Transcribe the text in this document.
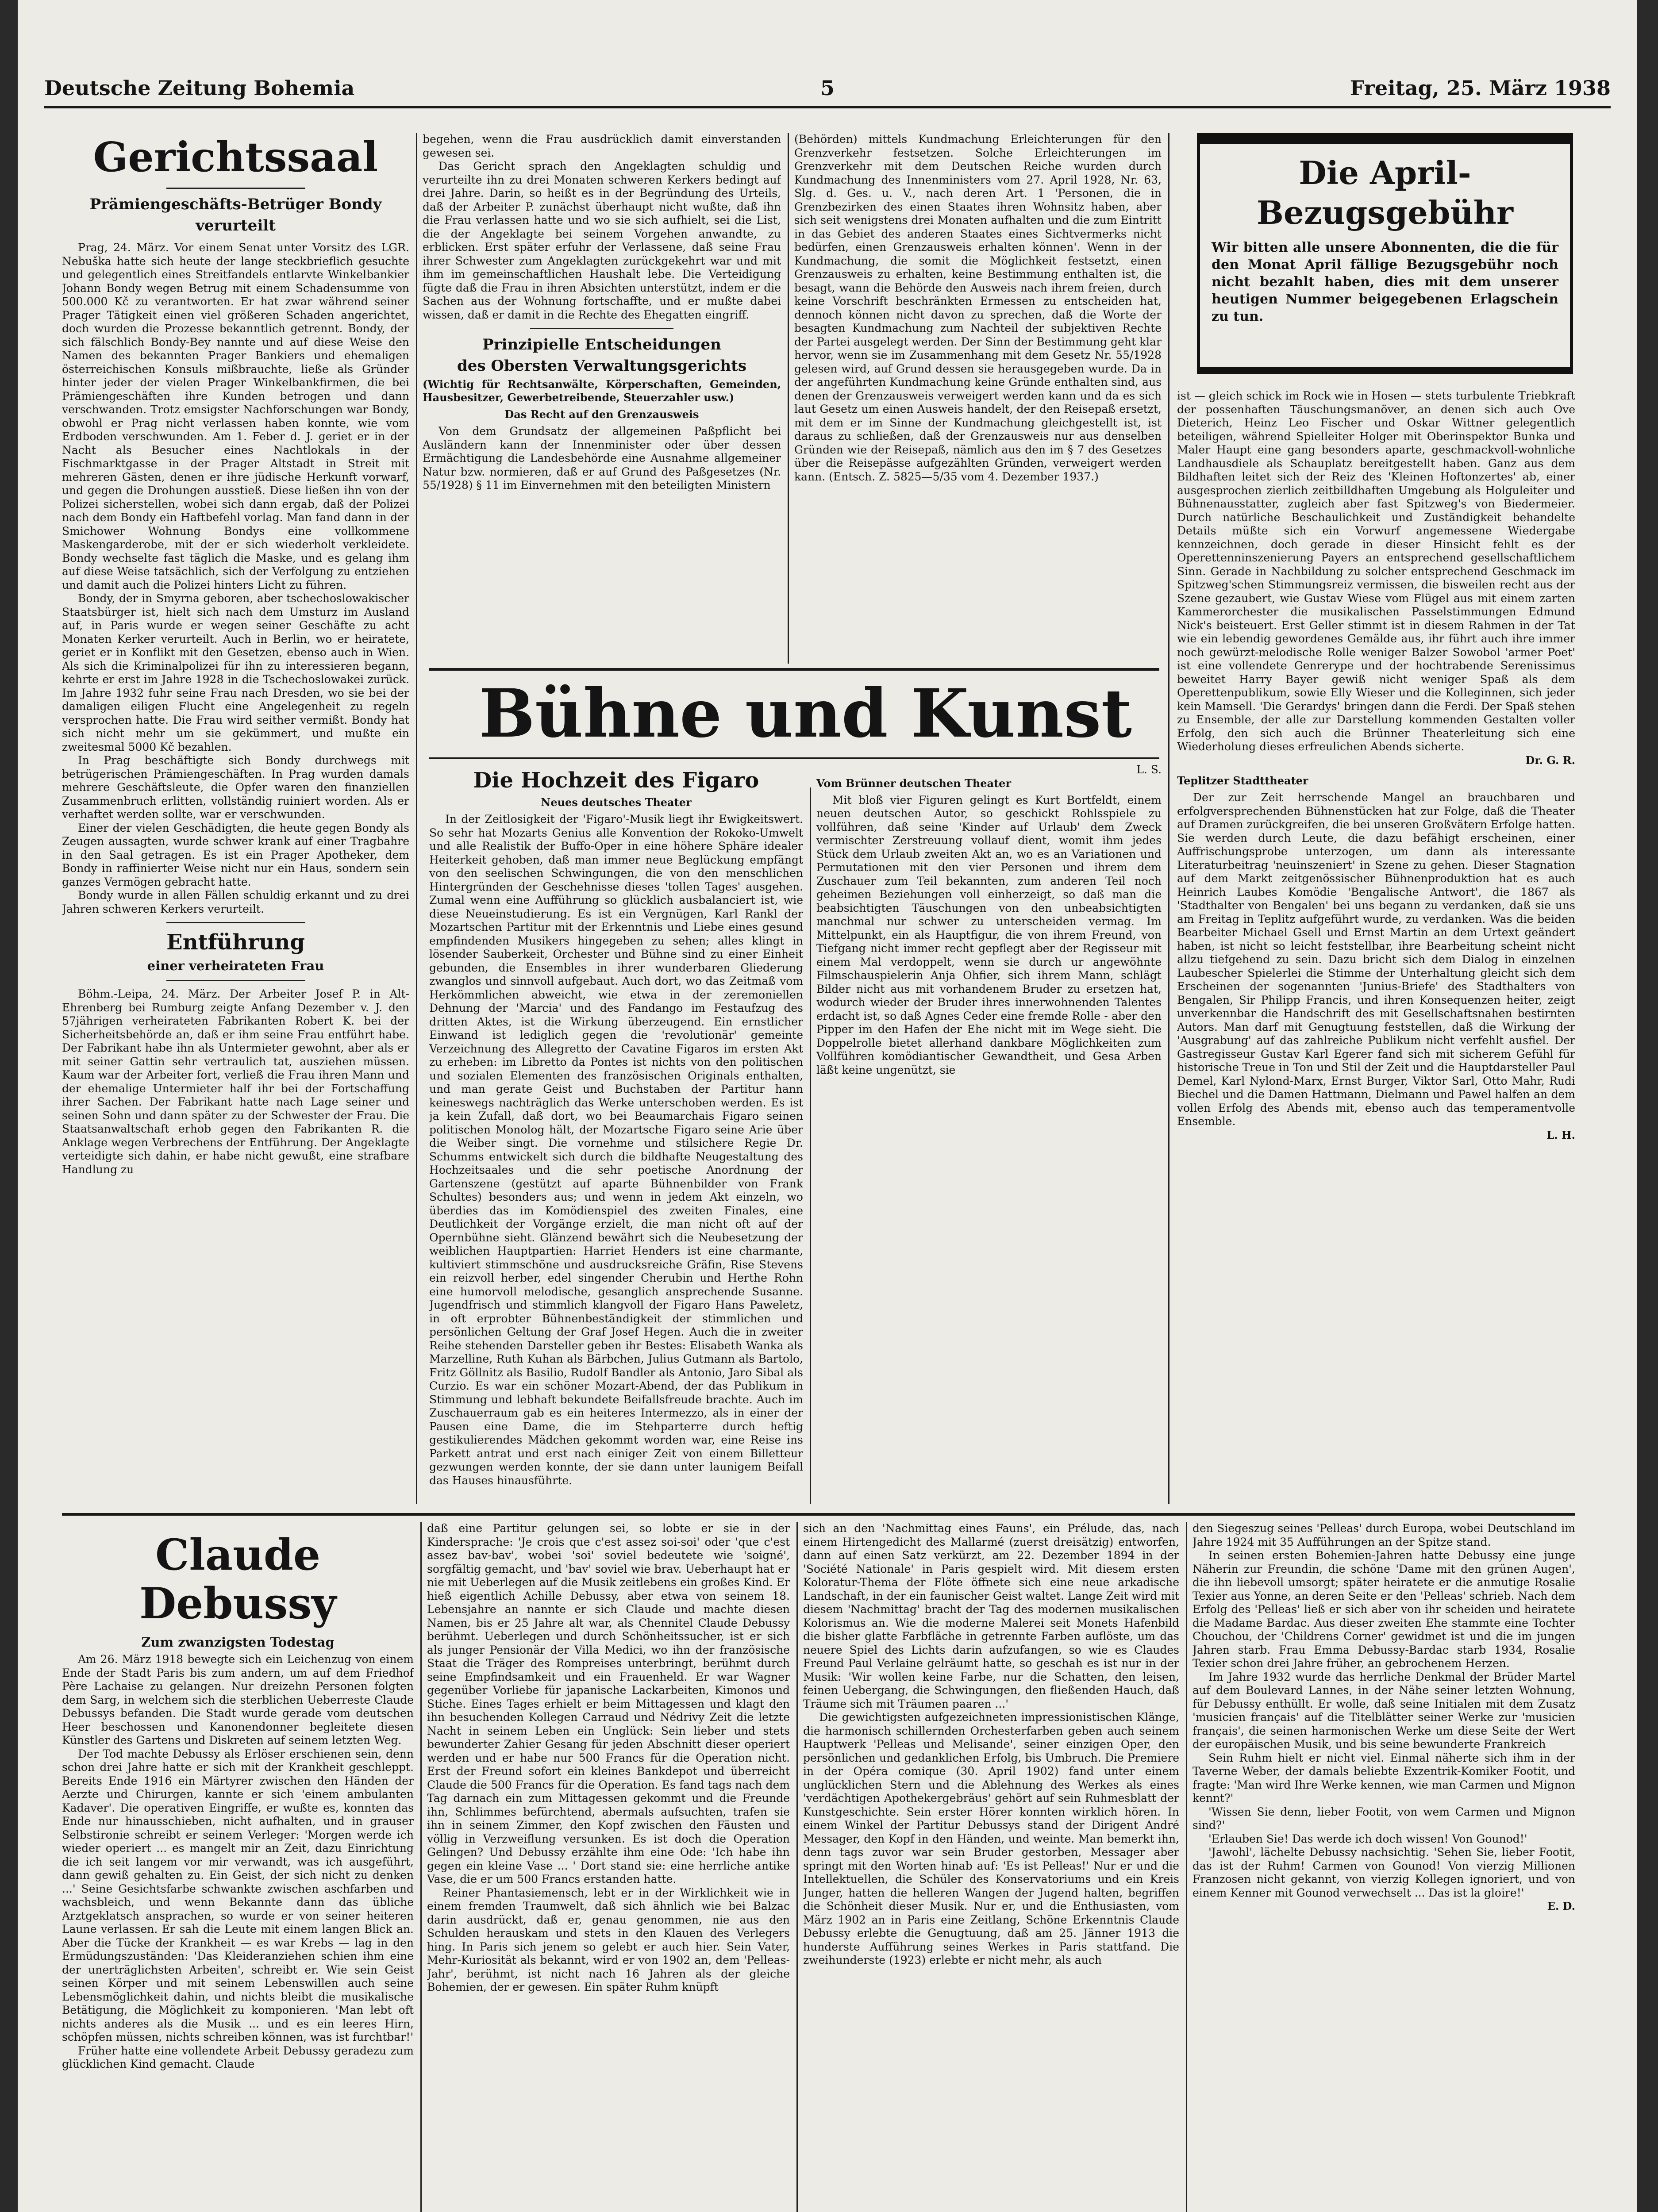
Deutsche Zeitung Bohemia	5	Freitag, 25. März 1938
Gerichtssaal
Prämiengeschäfts-Betrüger Bondy
verurteilt

Prag, 24. März. Vor einem Senat unter Vorsitz des LGR. Nebuška hatte sich heute der lange steckbrieflich gesuchte und gelegentlich eines Streitfandels entlarvte Winkelbankier Johann Bondy wegen Betrug mit einem Schadensumme von 500.000 Kč zu verantworten. Er hat zwar während seiner Prager Tätigkeit einen viel größeren Schaden angerichtet, doch wurden die Prozesse bekanntlich getrennt. Bondy, der sich fälschlich Bondy-Bey nannte und auf diese Weise den Namen des bekannten Prager Bankiers und ehemaligen österreichischen Konsuls mißbrauchte, ließe als Gründer hinter jeder der vielen Prager Winkelbankfirmen, die bei Prämiengeschäften ihre Kunden betrogen und dann verschwanden. Trotz emsigster Nachforschungen war Bondy, obwohl er Prag nicht verlassen haben konnte, wie vom Erdboden verschwunden. Am 1. Feber d. J. geriet er in der Nacht als Besucher eines Nachtlokals in der Fischmarktgasse in der Prager Altstadt in Streit mit mehreren Gästen, denen er ihre jüdische Herkunft vorwarf, und gegen die Drohungen ausstieß. Diese ließen ihn von der Polizei sicherstellen, wobei sich dann ergab, daß der Polizei nach dem Bondy ein Haftbefehl vorlag. Man fand dann in der Smichower Wohnung Bondys eine vollkommene Maskengarderobe, mit der er sich wiederholt verkleidete. Bondy wechselte fast täglich die Maske, und es gelang ihm auf diese Weise tatsächlich, sich der Verfolgung zu entziehen und damit auch die Polizei hinters Licht zu führen.

Bondy, der in Smyrna geboren, aber tschechoslowakischer Staatsbürger ist, hielt sich nach dem Umsturz im Ausland auf, in Paris wurde er wegen seiner Geschäfte zu acht Monaten Kerker verurteilt. Auch in Berlin, wo er heiratete, geriet er in Konflikt mit den Gesetzen, ebenso auch in Wien. Als sich die Kriminalpolizei für ihn zu interessieren begann, kehrte er erst im Jahre 1928 in die Tschechoslowakei zurück. Im Jahre 1932 fuhr seine Frau nach Dresden, wo sie bei der damaligen eiligen Flucht eine Angelegenheit zu regeln versprochen hatte. Die Frau wird seither vermißt. Bondy hat sich nicht mehr um sie gekümmert, und mußte ein zweitesmal 5000 Kč bezahlen.

In Prag beschäftigte sich Bondy durchwegs mit betrügerischen Prämiengeschäften. In Prag wurden damals mehrere Geschäftsleute, die Opfer waren den finanziellen Zusammenbruch erlitten, vollständig ruiniert worden. Als er verhaftet werden sollte, war er verschwunden.

Einer der vielen Geschädigten, die heute gegen Bondy als Zeugen aussagten, wurde schwer krank auf einer Tragbahre in den Saal getragen. Es ist ein Prager Apotheker, dem Bondy in raffinierter Weise nicht nur ein Haus, sondern sein ganzes Vermögen gebracht hatte.

Bondy wurde in allen Fällen schuldig erkannt und zu drei Jahren schweren Kerkers verurteilt.

Entführung
einer verheirateten Frau

Böhm.-Leipa, 24. März. Der Arbeiter Josef P. in Alt-Ehrenberg bei Rumburg zeigte Anfang Dezember v. J. den 57jährigen verheirateten Fabrikanten Robert K. bei der Sicherheitsbehörde an, daß er ihm seine Frau entführt habe. Der Fabrikant habe ihn als Untermieter gewohnt, aber als er mit seiner Gattin sehr vertraulich tat, ausziehen müssen. Kaum war der Arbeiter fort, verließ die Frau ihren Mann und der ehemalige Untermieter half ihr bei der Fortschaffung ihrer Sachen. Der Fabrikant hatte nach Lage seiner und seinen Sohn und dann später zu der Schwester der Frau. Die Staatsanwaltschaft erhob gegen den Fabrikanten R. die Anklage wegen Verbrechens der Entführung. Der Angeklagte verteidigte sich dahin, er habe nicht gewußt, eine strafbare Handlung zu

begehen, wenn die Frau ausdrücklich damit einverstanden gewesen sei.

Das Gericht sprach den Angeklagten schuldig und verurteilte ihn zu drei Monaten schweren Kerkers bedingt auf drei Jahre. Darin, so heißt es in der Begründung des Urteils, daß der Arbeiter P. zunächst überhaupt nicht wußte, daß ihn die Frau verlassen hatte und wo sie sich aufhielt, sei die List, die der Angeklagte bei seinem Vorgehen anwandte, zu erblicken. Erst später erfuhr der Verlassene, daß seine Frau ihrer Schwester zum Angeklagten zurückgekehrt war und mit ihm im gemeinschaftlichen Haushalt lebe. Die Verteidigung fügte daß die Frau in ihren Absichten unterstützt, indem er die Sachen aus der Wohnung fortschaffte, und er mußte dabei wissen, daß er damit in die Rechte des Ehegatten eingriff.

Prinzipielle Entscheidungen
des Obersten Verwaltungsgerichts
(Wichtig für Rechtsanwälte, Körperschaften, Gemeinden, Hausbesitzer, Gewerbetreibende, Steuerzahler usw.)
Das Recht auf den Grenzausweis

Von dem Grundsatz der allgemeinen Paßpflicht bei Ausländern kann der Innenminister oder über dessen Ermächtigung die Landesbehörde eine Ausnahme allgemeiner Natur bzw. normieren, daß er auf Grund des Paßgesetzes (Nr. 55/1928) § 11 im Einvernehmen mit den beteiligten Ministern

(Behörden) mittels Kundmachung Erleichterungen für den Grenzverkehr festsetzen. Solche Erleichterungen im Grenzverkehr mit dem Deutschen Reiche wurden durch Kundmachung des Innenministers vom 27. April 1928, Nr. 63, Slg. d. Ges. u. V., nach deren Art. 1 'Personen, die in Grenzbezirken des einen Staates ihren Wohnsitz haben, aber sich seit wenigstens drei Monaten aufhalten und die zum Eintritt in das Gebiet des anderen Staates eines Sichtvermerks nicht bedürfen, einen Grenzausweis erhalten können'. Wenn in der Kundmachung, die somit die Möglichkeit festsetzt, einen Grenzausweis zu erhalten, keine Bestimmung enthalten ist, die besagt, wann die Behörde den Ausweis nach ihrem freien, durch keine Vorschrift beschränkten Ermessen zu entscheiden hat, dennoch können nicht davon zu sprechen, daß die Worte der besagten Kundmachung zum Nachteil der subjektiven Rechte der Partei ausgelegt werden. Der Sinn der Bestimmung geht klar hervor, wenn sie im Zusammenhang mit dem Gesetz Nr. 55/1928 gelesen wird, auf Grund dessen sie herausgegeben wurde. Da in der angeführten Kundmachung keine Gründe enthalten sind, aus denen der Grenzausweis verweigert werden kann und da es sich laut Gesetz um einen Ausweis handelt, der den Reisepaß ersetzt, mit dem er im Sinne der Kundmachung gleichgestellt ist, ist daraus zu schließen, daß der Grenzausweis nur aus denselben Gründen wie der Reisepaß, nämlich aus den im § 7 des Gesetzes über die Reisepässe aufgezählten Gründen, verweigert werden kann. (Entsch. Z. 5825—5/35 vom 4. Dezember 1937.)

Die April-Bezugsgebühr
Wir bitten alle unsere Abonnenten, die die für den Monat April fällige Bezugsgebühr noch nicht bezahlt haben, dies mit dem unserer heutigen Nummer beigegebenen Erlagschein zu tun.

ist — gleich schick im Rock wie in Hosen — stets turbulente Triebkraft der possenhaften Täuschungsmanöver, an denen sich auch Ove Dieterich, Heinz Leo Fischer und Oskar Wittner gelegentlich beteiligen, während Spielleiter Holger mit Oberinspektor Bunka und Maler Haupt eine gang besonders aparte, geschmackvoll-wohnliche Landhausdiele als Schauplatz bereitgestellt haben. Ganz aus dem Bildhaften leitet sich der Reiz des 'Kleinen Hoftonzertes' ab, einer ausgesprochen zierlich zeitbilldhaften Umgebung als Holguleiter und Bühnenausstatter, zugleich aber fast Spitzweg's von Biedermeier. Durch natürliche Beschaulichkeit und Zuständigkeit behandelte Details müßte sich ein Vorwurf angemessene Wiedergabe kennzeichnen, doch gerade in dieser Hinsicht fehlt es der Operettenninszenierung Payers an entsprechend gesellschaftlichem Sinn. Gerade in Nachbildung zu solcher entsprechend Geschmack im Spitzweg'schen Stimmungsreiz vermissen, die bisweilen recht aus der Szene gezaubert, wie Gustav Wiese vom Flügel aus mit einem zarten Kammerorchester die musikalischen Passelstimmungen Edmund Nick's beisteuert. Erst Geller stimmt ist in diesem Rahmen in der Tat wie ein lebendig gewordenes Gemälde aus, ihr führt auch ihre immer noch gewürzt-melodische Rolle weniger Balzer Sowobol 'armer Poet' ist eine vollendete Genrerype und der hochtrabende Serenissimus beweitet Harry Bayer gewiß nicht weniger Spaß als dem Operettenpublikum, sowie Elly Wieser und die Kolleginnen, sich jeder kein Mamsell. 'Die Gerardys' bringen dann die Ferdi. Der Spaß stehen zu Ensemble, der alle zur Darstellung kommenden Gestalten voller Erfolg, den sich auch die Brünner Theaterleitung sich eine Wiederholung dieses erfreulichen Abends sicherte.

Dr. G. R.
Teplitzer Stadttheater

Der zur Zeit herrschende Mangel an brauchbaren und erfolgversprechenden Bühnenstücken hat zur Folge, daß die Theater auf Dramen zurückgreifen, die bei unseren Großvätern Erfolge hatten. Sie werden durch Leute, die dazu befähigt erscheinen, einer Auffrischungsprobe unterzogen, um dann als interessante Literaturbeitrag 'neuinszeniert' in Szene zu gehen. Dieser Stagnation auf dem Markt zeitgenössischer Bühnenproduktion hat es auch Heinrich Laubes Komödie 'Bengalische Antwort', die 1867 als 'Stadthalter von Bengalen' bei uns begann zu verdanken, daß sie uns am Freitag in Teplitz aufgeführt wurde, zu verdanken. Was die beiden Bearbeiter Michael Gsell und Ernst Martin an dem Urtext geändert haben, ist nicht so leicht feststellbar, ihre Bearbeitung scheint nicht allzu tiefgehend zu sein. Dazu bricht sich dem Dialog in einzelnen Laubescher Spielerlei die Stimme der Unterhaltung gleicht sich dem Erscheinen der sogenannten 'Junius-Briefe' des Stadthalters von Bengalen, Sir Philipp Francis, und ihren Konsequenzen heiter, zeigt unverkennbar die Handschrift des mit Gesellschaftsnahen bestirnten Autors. Man darf mit Genugtuung feststellen, daß die Wirkung der 'Ausgrabung' auf das zahlreiche Publikum nicht verfehlt ausfiel. Der Gastregisseur Gustav Karl Egerer fand sich mit sicherem Gefühl für historische Treue in Ton und Stil der Zeit und die Hauptdarsteller Paul Demel, Karl Nylond-Marx, Ernst Burger, Viktor Sarl, Otto Mahr, Rudi Biechel und die Damen Hattmann, Dielmann und Pawel halfen an dem vollen Erfolg des Abends mit, ebenso auch das temperamentvolle Ensemble.

L. H.
Bühne und Kunst
Die Hochzeit des Figaro
Neues deutsches Theater

In der Zeitlosigkeit der 'Figaro'-Musik liegt ihr Ewigkeitswert. So sehr hat Mozarts Genius alle Konvention der Rokoko-Umwelt und alle Realistik der Buffo-Oper in eine höhere Sphäre idealer Heiterkeit gehoben, daß man immer neue Beglückung empfängt von den seelischen Schwingungen, die von den menschlichen Hintergründen der Geschehnisse dieses 'tollen Tages' ausgehen. Zumal wenn eine Aufführung so glücklich ausbalanciert ist, wie diese Neueinstudierung. Es ist ein Vergnügen, Karl Rankl der Mozartschen Partitur mit der Erkenntnis und Liebe eines gesund empfindenden Musikers hingegeben zu sehen; alles klingt in lösender Sauberkeit, Orchester und Bühne sind zu einer Einheit gebunden, die Ensembles in ihrer wunderbaren Gliederung zwanglos und sinnvoll aufgebaut. Auch dort, wo das Zeitmaß vom Herkömmlichen abweicht, wie etwa in der zeremoniellen Dehnung der 'Marcia' und des Fandango im Festaufzug des dritten Aktes, ist die Wirkung überzeugend. Ein ernstlicher Einwand ist lediglich gegen die 'revolutionär' gemeinte Verzeichnung des Allegretto der Cavatine Figaros im ersten Akt zu erheben: im Libretto da Pontes ist nichts von den politischen und sozialen Elementen des französischen Originals enthalten, und man gerate Geist und Buchstaben der Partitur hann keineswegs nachträglich das Werke unterschoben werden. Es ist ja kein Zufall, daß dort, wo bei Beaumarchais Figaro seinen politischen Monolog hält, der Mozartsche Figaro seine Arie über die Weiber singt. Die vornehme und stilsichere Regie Dr. Schumms entwickelt sich durch die bildhafte Neugestaltung des Hochzeitsaales und die sehr poetische Anordnung der Gartenszene (gestützt auf aparte Bühnenbilder von Frank Schultes) besonders aus; und wenn in jedem Akt einzeln, wo überdies das im Komödienspiel des zweiten Finales, eine Deutlichkeit der Vorgänge erzielt, die man nicht oft auf der Opernbühne sieht. Glänzend bewährt sich die Neubesetzung der weiblichen Hauptpartien: Harriet Henders ist eine charmante, kultiviert stimmschöne und ausdrucksreiche Gräfin, Rise Stevens ein reizvoll herber, edel singender Cherubin und Herthe Rohn eine humorvoll melodische, gesanglich ansprechende Susanne. Jugendfrisch und stimmlich klangvoll der Figaro Hans Paweletz, in oft erprobter Bühnenbeständigkeit der stimmlichen und persönlichen Geltung der Graf Josef Hegen. Auch die in zweiter Reihe stehenden Darsteller geben ihr Bestes: Elisabeth Wanka als Marzelline, Ruth Kuhan als Bärbchen, Julius Gutmann als Bartolo, Fritz Göllnitz als Basilio, Rudolf Bandler als Antonio, Jaro Sibal als Curzio. Es war ein schöner Mozart-Abend, der das Publikum in Stimmung und lebhaft bekundete Beifallsfreude brachte. Auch im Zuschauerraum gab es ein heiteres Intermezzo, als in einer der Pausen eine Dame, die im Stehparterre durch heftig gestikulierendes Mädchen gekommt worden war, eine Reise ins Parkett antrat und erst nach einiger Zeit von einem Billetteur gezwungen werden konnte, der sie dann unter launigem Beifall das Hauses hinausführte.

L. S.

Vom Brünner deutschen Theater

Mit bloß vier Figuren gelingt es Kurt Bortfeldt, einem neuen deutschen Autor, so geschickt Rohlsspiele zu vollführen, daß seine 'Kinder auf Urlaub' dem Zweck vermischter Zerstreuung vollauf dient, womit ihm jedes Stück dem Urlaub zweiten Akt an, wo es an Variationen und Permutationen mit den vier Personen und ihrem dem Zuschauer zum Teil bekannten, zum anderen Teil noch geheimen Beziehungen voll einherzeigt, so daß man die beabsichtigten Täuschungen von den unbeabsichtigten manchmal nur schwer zu unterscheiden vermag. Im Mittelpunkt, ein als Hauptfigur, die von ihrem Freund, von Tiefgang nicht immer recht gepflegt aber der Regisseur mit einem Mal verdoppelt, wenn sie durch ur angewöhnte Filmschauspielerin Anja Ohfier, sich ihrem Mann, schlägt Bilder nicht aus mit vorhandenem Bruder zu ersetzen hat, wodurch wieder der Bruder ihres innerwohnenden Talentes erdacht ist, so daß Agnes Ceder eine fremde Rolle - aber den Pipper im den Hafen der Ehe nicht mit im Wege sieht. Die Doppelrolle bietet allerhand dankbare Möglichkeiten zum Vollführen komödiantischer Gewandtheit, und Gesa Arben läßt keine ungenützt, sie

Claude Debussy
Zum zwanzigsten Todestag

Am 26. März 1918 bewegte sich ein Leichenzug von einem Ende der Stadt Paris bis zum andern, um auf dem Friedhof Père Lachaise zu gelangen. Nur dreizehn Personen folgten dem Sarg, in welchem sich die sterblichen Ueberreste Claude Debussys befanden. Die Stadt wurde gerade vom deutschen Heer beschossen und Kanonendonner begleitete diesen Künstler des Gartens und Diskreten auf seinem letzten Weg.

Der Tod machte Debussy als Erlöser erschienen sein, denn schon drei Jahre hatte er sich mit der Krankheit geschleppt. Bereits Ende 1916 ein Märtyrer zwischen den Händen der Aerzte und Chirurgen, kannte er sich 'einem ambulanten Kadaver'. Die operativen Eingriffe, er wußte es, konnten das Ende nur hinausschieben, nicht aufhalten, und in grauser Selbstironie schreibt er seinem Verleger: 'Morgen werde ich wieder operiert ... es mangelt mir an Zeit, dazu Einrichtung die ich seit langem vor mir verwandt, was ich ausgeführt, dann gewiß gehalten zu. Ein Geist, der sich nicht zu denken ...' Seine Gesichtsfarbe schwankte zwischen aschfarben und wachsbleich, und wenn Bekannte dann das übliche Arztgeklatsch ansprachen, so wurde er von seiner heiteren Laune verlassen. Er sah die Leute mit einem langen Blick an. Aber die Tücke der Krankheit — es war Krebs — lag in den Ermüdungszuständen: 'Das Kleideranziehen schien ihm eine der unerträglichsten Arbeiten', schreibt er. Wie sein Geist seinen Körper und mit seinem Lebenswillen auch seine Lebensmöglichkeit dahin, und nichts bleibt die musikalische Betätigung, die Möglichkeit zu komponieren. 'Man lebt oft nichts anderes als die Musik ... und es ein leeres Hirn, schöpfen müssen, nichts schreiben können, was ist furchtbar!'

Früher hatte eine vollendete Arbeit Debussy geradezu zum glücklichen Kind gemacht. Claude

daß eine Partitur gelungen sei, so lobte er sie in der Kindersprache: 'Je crois que c'est assez soi-soi' oder 'que c'est assez bav-bav', wobei 'soi' soviel bedeutete wie 'soigné', sorgfältig gemacht, und 'bav' soviel wie brav. Ueberhaupt hat er nie mit Ueberlegen auf die Musik zeitlebens ein großes Kind. Er hieß eigentlich Achille Debussy, aber etwa von seinem 18. Lebensjahre an nannte er sich Claude und machte diesen Namen, bis er 25 Jahre alt war, als Chennitel Claude Debussy berühmt. Ueberlegen und durch Schönheitssucher, ist er sich als junger Pensionär der Villa Medici, wo ihn der französische Staat die Träger des Rompreises unterbringt, berühmt durch seine Empfindsamkeit und ein Frauenheld. Er war Wagner gegenüber Vorliebe für japanische Lackarbeiten, Kimonos und Stiche. Eines Tages erhielt er beim Mittagessen und klagt den ihn besuchenden Kollegen Carraud und Nédrivy Zeit die letzte Nacht in seinem Leben ein Unglück: Sein lieber und stets bewunderter Zahier Gesang für jeden Abschnitt dieser operiert werden und er habe nur 500 Francs für die Operation nicht. Erst der Freund sofort ein kleines Bankdepot und überreicht Claude die 500 Francs für die Operation. Es fand tags nach dem Tag darnach ein zum Mittagessen gekommt und die Freunde ihn, Schlimmes befürchtend, abermals aufsuchten, trafen sie ihn in seinem Zimmer, den Kopf zwischen den Fäusten und völlig in Verzweiflung versunken. Es ist doch die Operation Gelingen? Und Debussy erzählte ihm eine Ode: 'Ich habe ihn gegen ein kleine Vase ... ' Dort stand sie: eine herrliche antike Vase, die er um 500 Francs erstanden hatte.

Reiner Phantasiemensch, lebt er in der Wirklichkeit wie in einem fremden Traumwelt, daß sich ähnlich wie bei Balzac darin ausdrückt, daß er, genau genommen, nie aus den Schulden herauskam und stets in den Klauen des Verlegers hing. In Paris sich jenem so gelebt er auch hier. Sein Vater, Mehr-Kuriosität als bekannt, wird er von 1902 an, dem 'Pelleas-Jahr', berühmt, ist nicht nach 16 Jahren als der gleiche Bohemien, der er gewesen. Ein später Ruhm knüpft

sich an den 'Nachmittag eines Fauns', ein Prélude, das, nach einem Hirtengedicht des Mallarmé (zuerst dreisätzig) entworfen, dann auf einen Satz verkürzt, am 22. Dezember 1894 in der 'Société Nationale' in Paris gespielt wird. Mit diesem ersten Koloratur-Thema der Flöte öffnete sich eine neue arkadische Landschaft, in der ein faunischer Geist waltet. Lange Zeit wird mit diesem 'Nachmittag' bracht der Tag des modernen musikalischen Kolorismus an. Wie die moderne Malerei seit Monets Hafenbild die bisher glatte Farbfläche in getrennte Farben auflöste, um das neuere Spiel des Lichts darin aufzufangen, so wie es Claudes Freund Paul Verlaine gelräumt hatte, so geschah es ist nur in der Musik: 'Wir wollen keine Farbe, nur die Schatten, den leisen, feinen Uebergang, die Schwingungen, den fließenden Hauch, daß Träume sich mit Träumen paaren ...'

Die gewichtigsten aufgezeichneten impressionistischen Klänge, die harmonisch schillernden Orchesterfarben geben auch seinem Hauptwerk 'Pelleas und Melisande', seiner einzigen Oper, den persönlichen und gedanklichen Erfolg, bis Umbruch. Die Premiere in der Opéra comique (30. April 1902) fand unter einem unglücklichen Stern und die Ablehnung des Werkes als eines 'verdächtigen Apothekergebräus' gehört auf sein Ruhmesblatt der Kunstgeschichte. Sein erster Hörer konnten wirklich hören. In einem Winkel der Partitur Debussys stand der Dirigent André Messager, den Kopf in den Händen, und weinte. Man bemerkt ihn, denn tags zuvor war sein Bruder gestorben, Messager aber springt mit den Worten hinab auf: 'Es ist Pelleas!' Nur er und die Intellektuellen, die Schüler des Konservatoriums und ein Kreis Junger, hatten die helleren Wangen der Jugend halten, begriffen die Schönheit dieser Musik. Nur er, und die Enthusiasten, vom März 1902 an in Paris eine Zeitlang, Schöne Erkenntnis Claude Debussy erlebte die Genugtuung, daß am 25. Jänner 1913 die hunderste Aufführung seines Werkes in Paris stattfand. Die zweihunderste (1923) erlebte er nicht mehr, als auch

den Siegeszug seines 'Pelleas' durch Europa, wobei Deutschland im Jahre 1924 mit 35 Aufführungen an der Spitze stand.

In seinen ersten Bohemien-Jahren hatte Debussy eine junge Näherin zur Freundin, die schöne 'Dame mit den grünen Augen', die ihn liebevoll umsorgt; später heiratete er die anmutige Rosalie Texier aus Yonne, an deren Seite er den 'Pelleas' schrieb. Nach dem Erfolg des 'Pelleas' ließ er sich aber von ihr scheiden und heiratete die Madame Bardac. Aus dieser zweiten Ehe stammte eine Tochter Chouchou, der 'Childrens Corner' gewidmet ist und die im jungen Jahren starb. Frau Emma Debussy-Bardac starb 1934, Rosalie Texier schon drei Jahre früher, an gebrochenem Herzen.

Im Jahre 1932 wurde das herrliche Denkmal der Brüder Martel auf dem Boulevard Lannes, in der Nähe seiner letzten Wohnung, für Debussy enthüllt. Er wolle, daß seine Initialen mit dem Zusatz 'musicien français' auf die Titelblätter seiner Werke zur 'musicien français', die seinen harmonischen Werke um diese Seite der Wert der europäischen Musik, und bis seine bewunderte Frankreich

Sein Ruhm hielt er nicht viel. Einmal näherte sich ihm in der Taverne Weber, der damals beliebte Exzentrik-Komiker Footit, und fragte: 'Man wird Ihre Werke kennen, wie man Carmen und Mignon kennt?'

'Wissen Sie denn, lieber Footit, von wem Carmen und Mignon sind?'

'Erlauben Sie! Das werde ich doch wissen! Von Gounod!'

'Jawohl', lächelte Debussy nachsichtig. 'Sehen Sie, lieber Footit, das ist der Ruhm! Carmen von Gounod! Von vierzig Millionen Franzosen nicht gekannt, von vierzig Kollegen ignoriert, und von einem Kenner mit Gounod verwechselt ... Das ist la gloire!'

E. D.
